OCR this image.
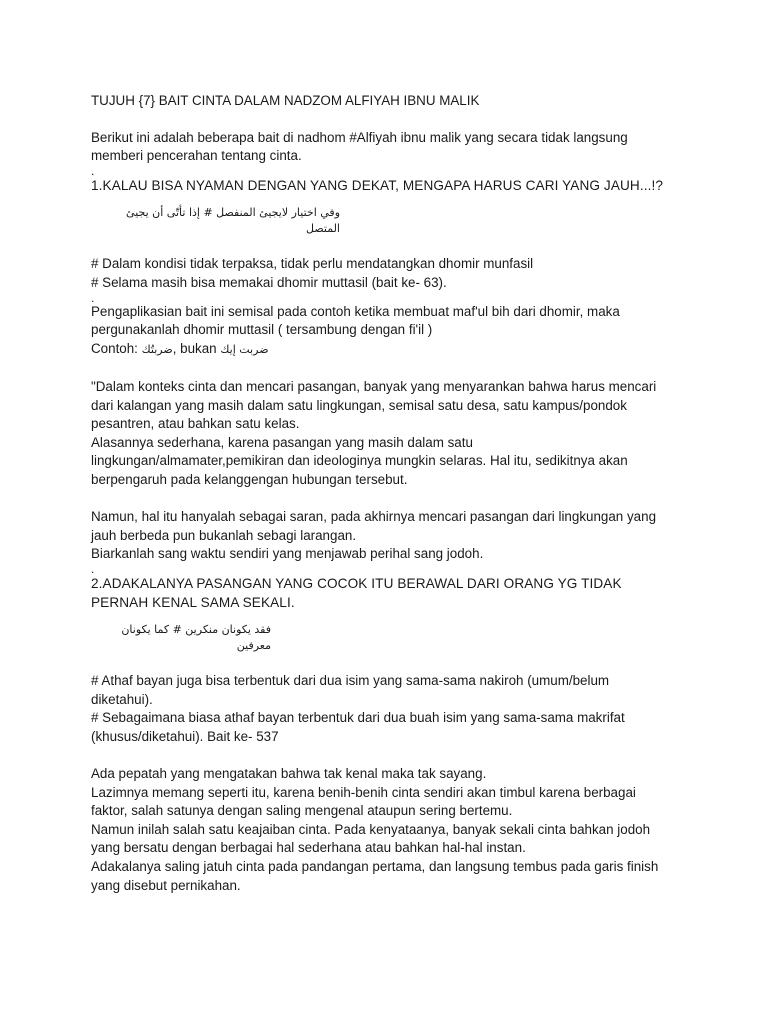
TUJUH {7} BAIT CINTA DALAM NADZOM ALFIYAH IBNU MALIK
Berikut ini adalah beberapa bait di nadhom #Alfiyah ibnu malik yang secara tidak langsung
memberi pencerahan tentang cinta.
.
1.KALAU BISA NYAMAN DENGAN YANG DEKAT, MENGAPA HARUS CARI YANG JAUH...!?
وفي اختيار لايجيئ المنفصل # إذا تأتّى أن يجيئ المتصل
# Dalam kondisi tidak terpaksa, tidak perlu mendatangkan dhomir munfasil
# Selama masih bisa memakai dhomir muttasil (bait ke- 63).
.
Pengaplikasian bait ini semisal pada contoh ketika membuat maf'ul bih dari dhomir, maka
pergunakanlah dhomir muttasil ( tersambung dengan fi'il )
Contoh: ضربتُك, bukan ضربت إيك
"Dalam konteks cinta dan mencari pasangan, banyak yang menyarankan bahwa harus mencari
dari kalangan yang masih dalam satu lingkungan, semisal satu desa, satu kampus/pondok
pesantren, atau bahkan satu kelas.
Alasannya sederhana, karena pasangan yang masih dalam satu
lingkungan/almamater,pemikiran dan ideologinya mungkin selaras. Hal itu, sedikitnya akan
berpengaruh pada kelanggengan hubungan tersebut.
Namun, hal itu hanyalah sebagai saran, pada akhirnya mencari pasangan dari lingkungan yang
jauh berbeda pun bukanlah sebagi larangan.
Biarkanlah sang waktu sendiri yang menjawab perihal sang jodoh.
.
2.ADAKALANYA PASANGAN YANG COCOK ITU BERAWAL DARI ORANG YG TIDAK
PERNAH KENAL SAMA SEKALI.
فقد يكونان منكرين # كما يكونان معرفين
# Athaf bayan juga bisa terbentuk dari dua isim yang sama-sama nakiroh (umum/belum
diketahui).
# Sebagaimana biasa athaf bayan terbentuk dari dua buah isim yang sama-sama makrifat
(khusus/diketahui). Bait ke- 537
Ada pepatah yang mengatakan bahwa tak kenal maka tak sayang.
Lazimnya memang seperti itu, karena benih-benih cinta sendiri akan timbul karena berbagai
faktor, salah satunya dengan saling mengenal ataupun sering bertemu.
Namun inilah salah satu keajaiban cinta. Pada kenyataanya, banyak sekali cinta bahkan jodoh
yang bersatu dengan berbagai hal sederhana atau bahkan hal-hal instan.
Adakalanya saling jatuh cinta pada pandangan pertama, dan langsung tembus pada garis finish
yang disebut pernikahan.
